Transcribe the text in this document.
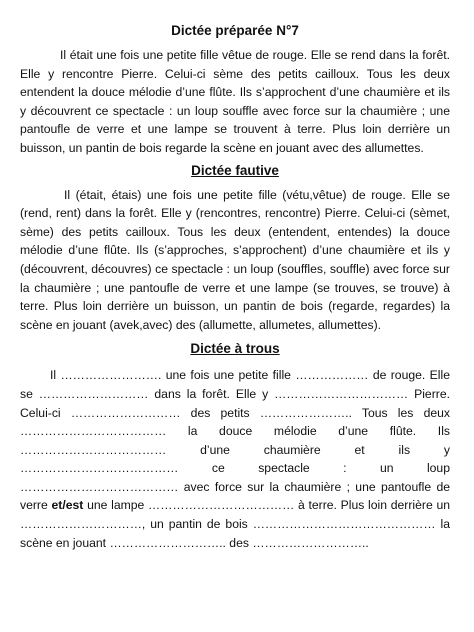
Dictée préparée N°7

Il était une fois une petite fille vêtue de rouge. Elle se rend dans la forêt. Elle y rencontre Pierre. Celui-ci sème des petits cailloux. Tous les deux entendent la douce mélodie d’une flûte. Ils s’approchent d’une chaumière et ils y découvrent ce spectacle : un loup souffle avec force sur la chaumière ; une pantoufle de verre et une lampe se trouvent à terre. Plus loin derrière un buisson, un pantin de bois regarde la scène en jouant avec des allumettes.

Dictée fautive

Il (était, étais) une fois une petite fille (vétu,vêtue) de rouge. Elle se (rend, rent) dans la forêt. Elle y (rencontres, rencontre) Pierre. Celui-ci (sèmet, sème) des petits cailloux. Tous les deux (entendent, entendes) la douce mélodie d’une flûte. Ils (s’approches, s’approchent) d’une chaumière et ils y (découvrent, découvres) ce spectacle : un loup (souffles, souffle) avec force sur la chaumière ; une pantoufle de verre et une lampe (se trouves, se trouve) à terre. Plus loin derrière un buisson, un pantin de bois (regarde, regardes) la scène en jouant (avek,avec) des (allumette, allumetes, allumettes).

Dictée à trous

Il ……………………. une fois une petite fille ……………… de rouge. Elle se ……………………… dans la forêt. Elle y …………………………… Pierre. Celui-ci ……………………… des petits ………………….. Tous les deux ……………………………… la douce mélodie d’une flûte. Ils ……………………………… d’une chaumière et ils y ………………………………… ce spectacle : un loup ………………………………… avec force sur la chaumière ; une pantoufle de verre et/est une lampe ……………………………… à terre. Plus loin derrière un …………………………, un pantin de bois ……………………………………… la scène en jouant ……………………….. des ………………………..
